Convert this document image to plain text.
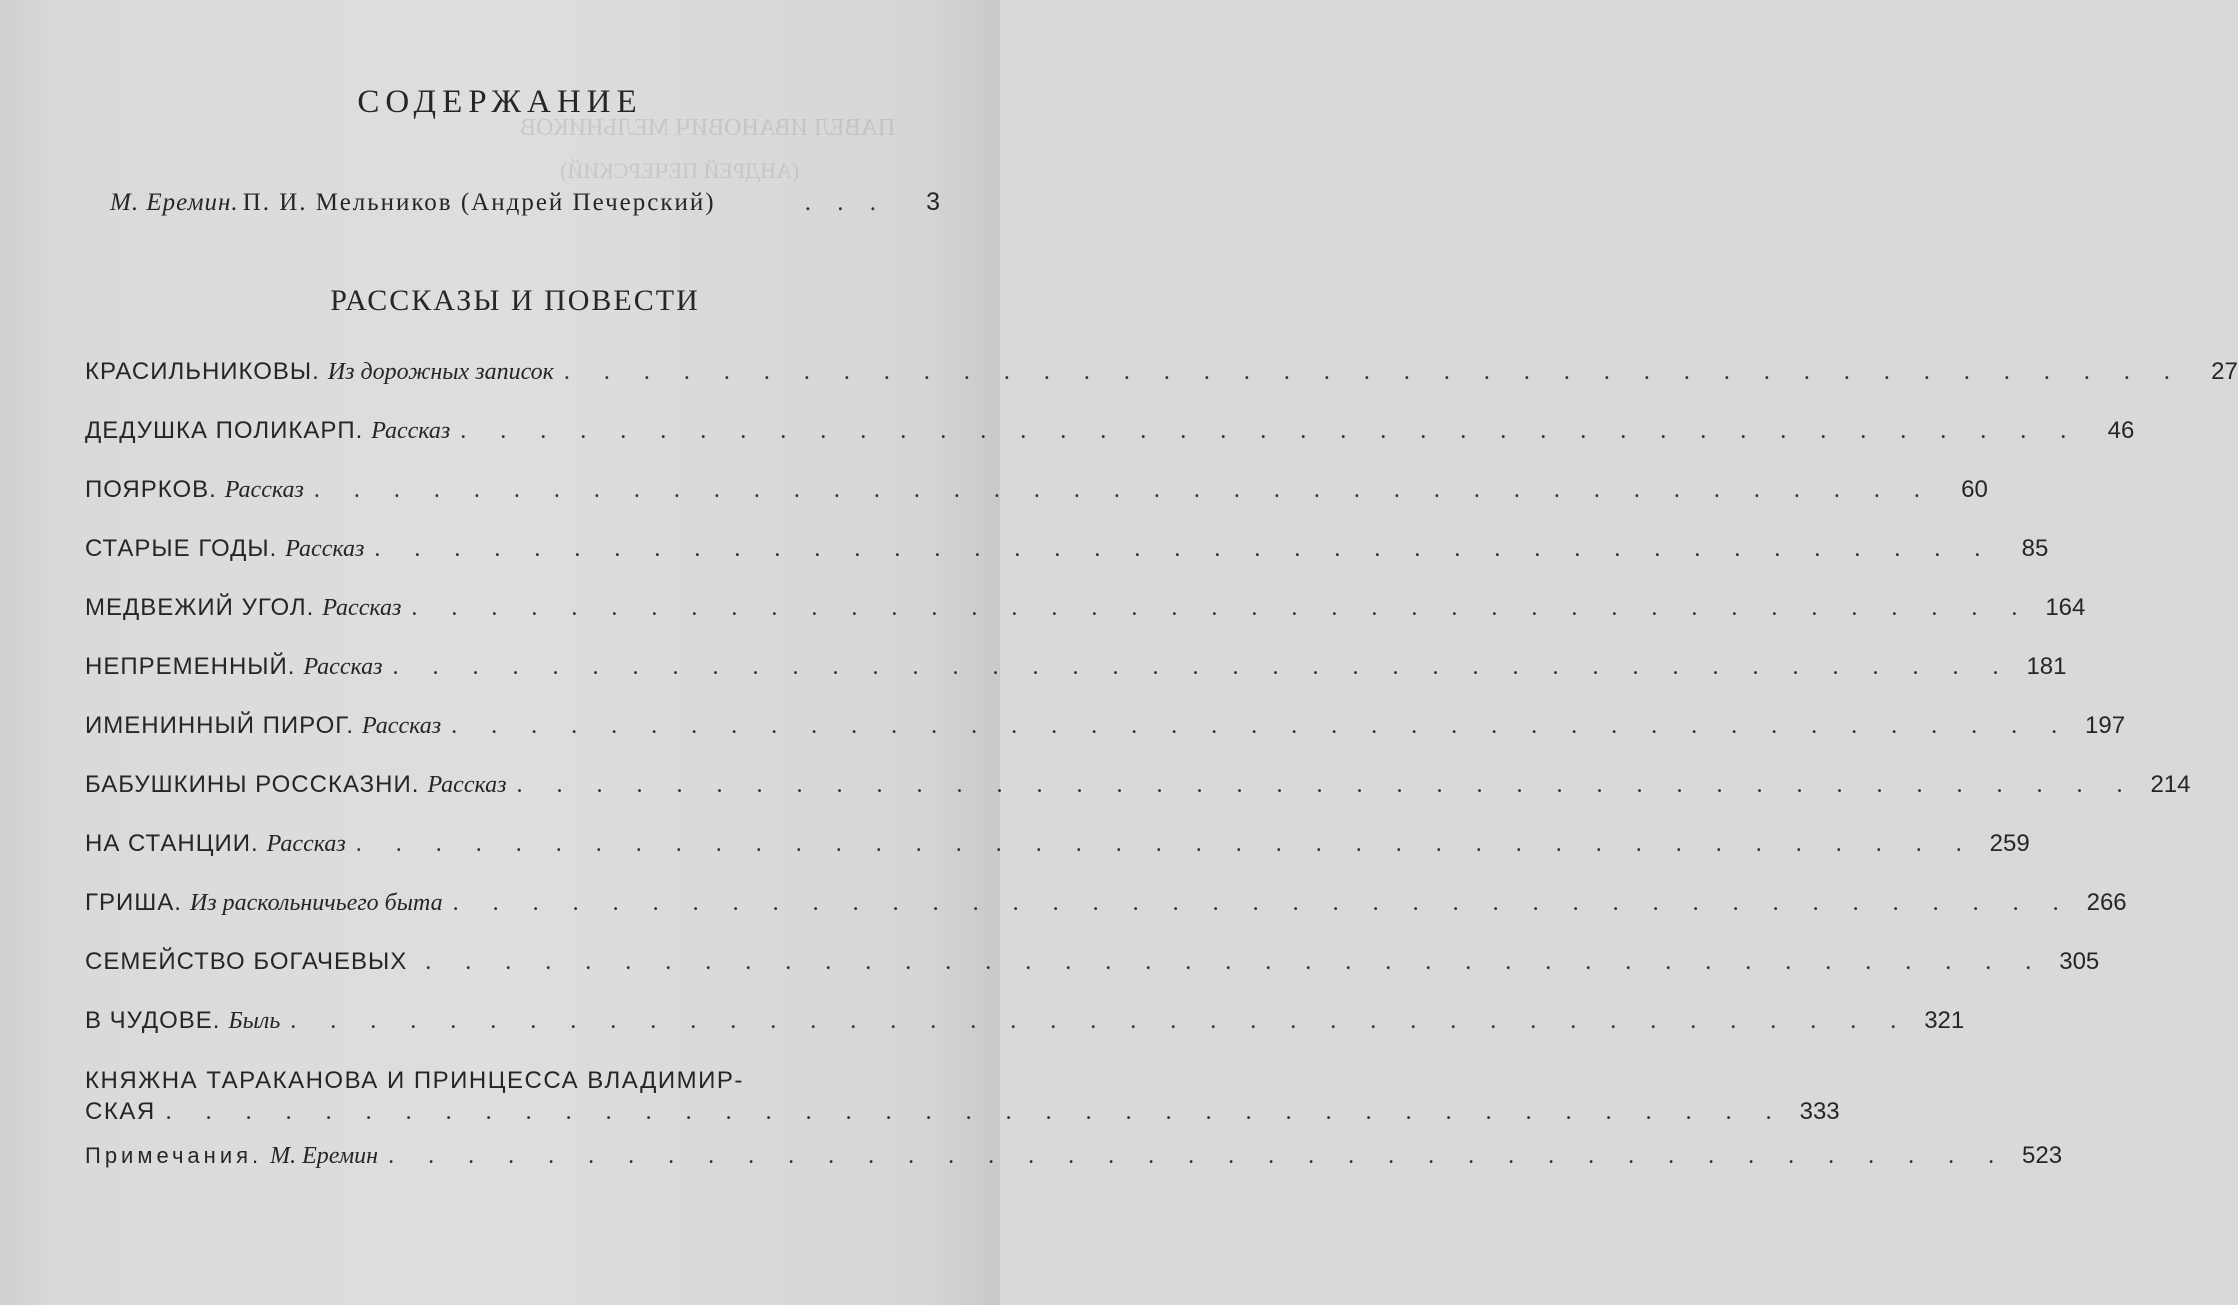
ПАВЕЛ ИВАНОВИЧ МЕЛЬНИКОВ
(АНДРЕЙ ПЕЧЕРСКИЙ)
СОДЕРЖАНИЕ
М. Еремин. П. И. Мельников (Андрей Печерский)	. . .	3
РАССКАЗЫ И ПОВЕСТИ
КРАСИЛЬНИКОВЫ. Из дорожных записок . . . . . . . . . . . . . . . . . . . . . . . . . . . . . . . . . . . . . . . . .	27
ДЕДУШКА ПОЛИКАРП. Рассказ . . . . . . . . . . . . . . . . . . . . . . . . . . . . . . . . . . . . . . . . .	46
ПОЯРКОВ. Рассказ . . . . . . . . . . . . . . . . . . . . . . . . . . . . . . . . . . . . . . . . .	60
СТАРЫЕ ГОДЫ. Рассказ . . . . . . . . . . . . . . . . . . . . . . . . . . . . . . . . . . . . . . . . .	85
МЕДВЕЖИЙ УГОЛ. Рассказ . . . . . . . . . . . . . . . . . . . . . . . . . . . . . . . . . . . . . . . . . 164
НЕПРЕМЕННЫЙ. Рассказ . . . . . . . . . . . . . . . . . . . . . . . . . . . . . . . . . . . . . . . . . 181
ИМЕНИННЫЙ ПИРОГ. Рассказ . . . . . . . . . . . . . . . . . . . . . . . . . . . . . . . . . . . . . . . . . 197
БАБУШКИНЫ РОССКАЗНИ. Рассказ . . . . . . . . . . . . . . . . . . . . . . . . . . . . . . . . . . . . . . . . . 214
НА СТАНЦИИ. Рассказ . . . . . . . . . . . . . . . . . . . . . . . . . . . . . . . . . . . . . . . . . 259
ГРИША. Из раскольничьего быта . . . . . . . . . . . . . . . . . . . . . . . . . . . . . . . . . . . . . . . . . 266
СЕМЕЙСТВО БОГАЧЕВЫХ . . . . . . . . . . . . . . . . . . . . . . . . . . . . . . . . . . . . . . . . . 305
В ЧУДОВЕ. Быль . . . . . . . . . . . . . . . . . . . . . . . . . . . . . . . . . . . . . . . . . 321
КНЯЖНА ТАРАКАНОВА И ПРИНЦЕССА ВЛАДИМИР-
СКАЯ . . . . . . . . . . . . . . . . . . . . . . . . . . . . . . . . . . . . . . . . . 333
Примечания. М. Еремин . . . . . . . . . . . . . . . . . . . . . . . . . . . . . . . . . . . . . . . . . 523
